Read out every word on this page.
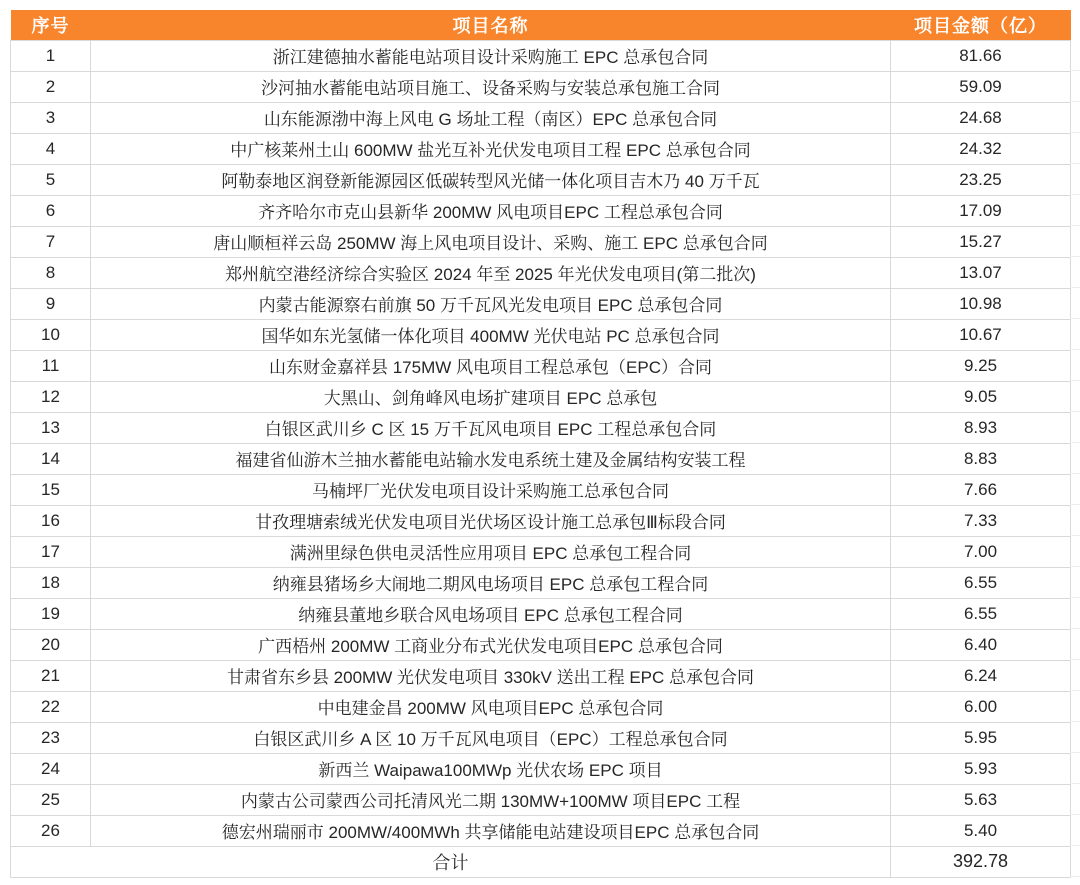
序号	项目名称	项目金额（亿）
1	浙江建德抽水蓄能电站项目设计采购施工 EPC 总承包合同	81.66
2	沙河抽水蓄能电站项目施工、设备采购与安装总承包施工合同	59.09
3	山东能源渤中海上风电 G 场址工程（南区）EPC 总承包合同	24.68
4	中广核莱州土山 600MW 盐光互补光伏发电项目工程 EPC 总承包合同	24.32
5	阿勒泰地区润登新能源园区低碳转型风光储一体化项目吉木乃 40 万千瓦	23.25
6	齐齐哈尔市克山县新华 200MW 风电项目EPC 工程总承包合同	17.09
7	唐山顺桓祥云岛 250MW 海上风电项目设计、采购、施工 EPC 总承包合同	15.27
8	郑州航空港经济综合实验区 2024 年至 2025 年光伏发电项目(第二批次)	13.07
9	内蒙古能源察右前旗 50 万千瓦风光发电项目 EPC 总承包合同	10.98
10	国华如东光氢储一体化项目 400MW 光伏电站 PC 总承包合同	10.67
11	山东财金嘉祥县 175MW 风电项目工程总承包（EPC）合同	9.25
12	大黑山、剑角峰风电场扩建项目 EPC 总承包	9.05
13	白银区武川乡 C 区 15 万千瓦风电项目 EPC 工程总承包合同	8.93
14	福建省仙游木兰抽水蓄能电站输水发电系统土建及金属结构安装工程	8.83
15	马楠坪厂光伏发电项目设计采购施工总承包合同	7.66
16	甘孜理塘索绒光伏发电项目光伏场区设计施工总承包Ⅲ标段合同	7.33
17	满洲里绿色供电灵活性应用项目 EPC 总承包工程合同	7.00
18	纳雍县猪场乡大闹地二期风电场项目 EPC 总承包工程合同	6.55
19	纳雍县董地乡联合风电场项目 EPC 总承包工程合同	6.55
20	广西梧州 200MW 工商业分布式光伏发电项目EPC 总承包合同	6.40
21	甘肃省东乡县 200MW 光伏发电项目 330kV 送出工程 EPC 总承包合同	6.24
22	中电建金昌 200MW 风电项目EPC 总承包合同	6.00
23	白银区武川乡 A 区 10 万千瓦风电项目（EPC）工程总承包合同	5.95
24	新西兰 Waipawa100MWp 光伏农场 EPC 项目	5.93
25	内蒙古公司蒙西公司托清风光二期 130MW+100MW 项目EPC 工程	5.63
26	德宏州瑞丽市 200MW/400MWh 共享储能电站建设项目EPC 总承包合同	5.40
合计		392.78
